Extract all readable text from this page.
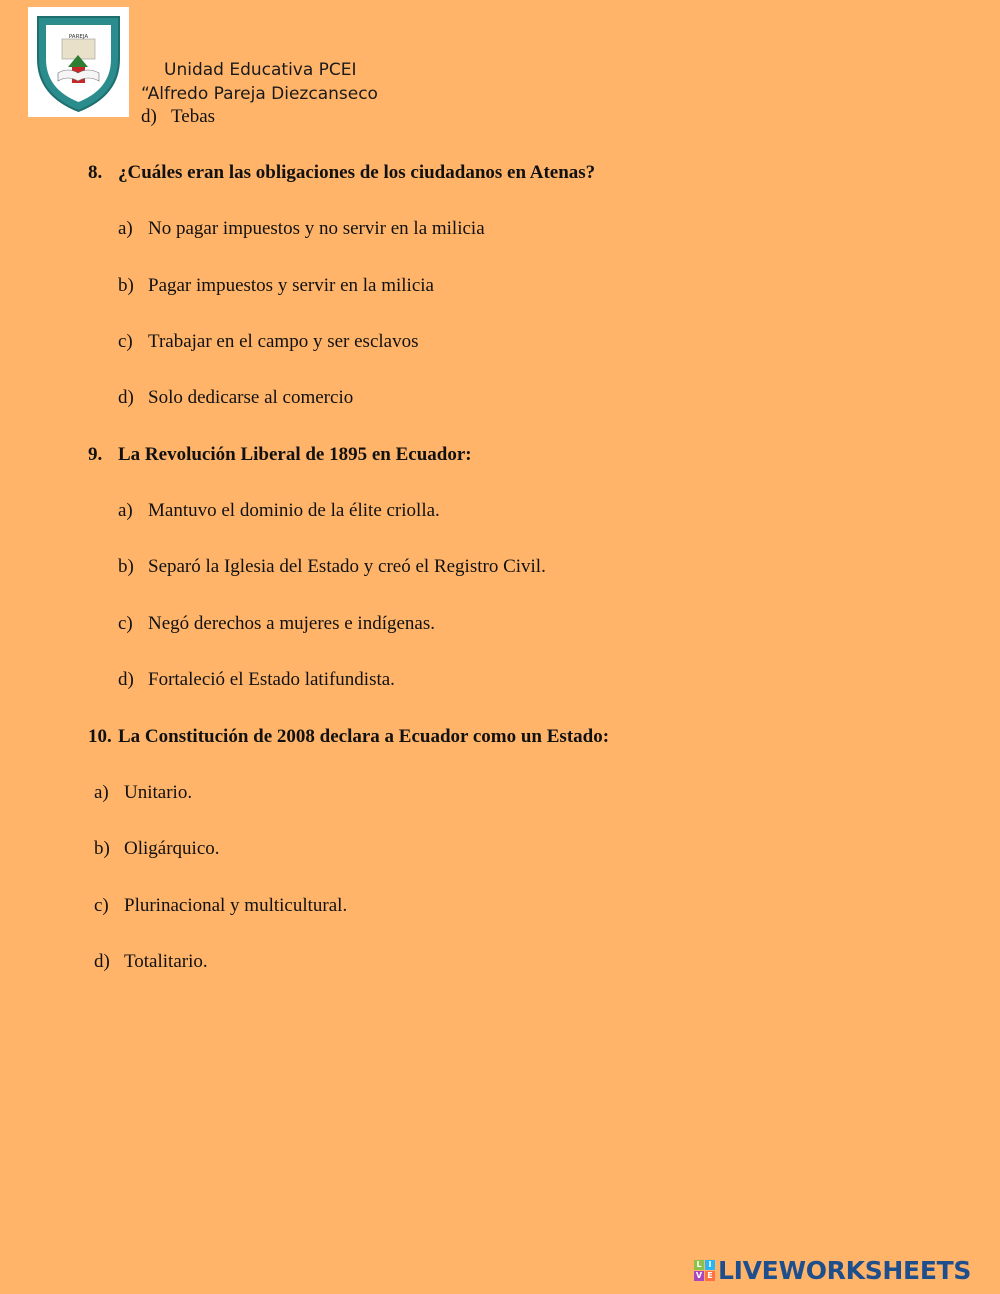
PAREJA
Unidad Educativa PCEI
“Alfredo Pareja Diezcanseco
d) Tebas
8. ¿Cuáles eran las obligaciones de los ciudadanos en Atenas?
a) No pagar impuestos y no servir en la milicia
b) Pagar impuestos y servir en la milicia
c) Trabajar en el campo y ser esclavos
d) Solo dedicarse al comercio
9. La Revolución Liberal de 1895 en Ecuador:
a) Mantuvo el dominio de la élite criolla.
b) Separó la Iglesia del Estado y creó el Registro Civil.
c) Negó derechos a mujeres e indígenas.
d) Fortaleció el Estado latifundista.
10. La Constitución de 2008 declara a Ecuador como un Estado:
a) Unitario.
b) Oligárquico.
c) Plurinacional y multicultural.
d) Totalitario.
L I
V E LIVEWORKSHEETS
